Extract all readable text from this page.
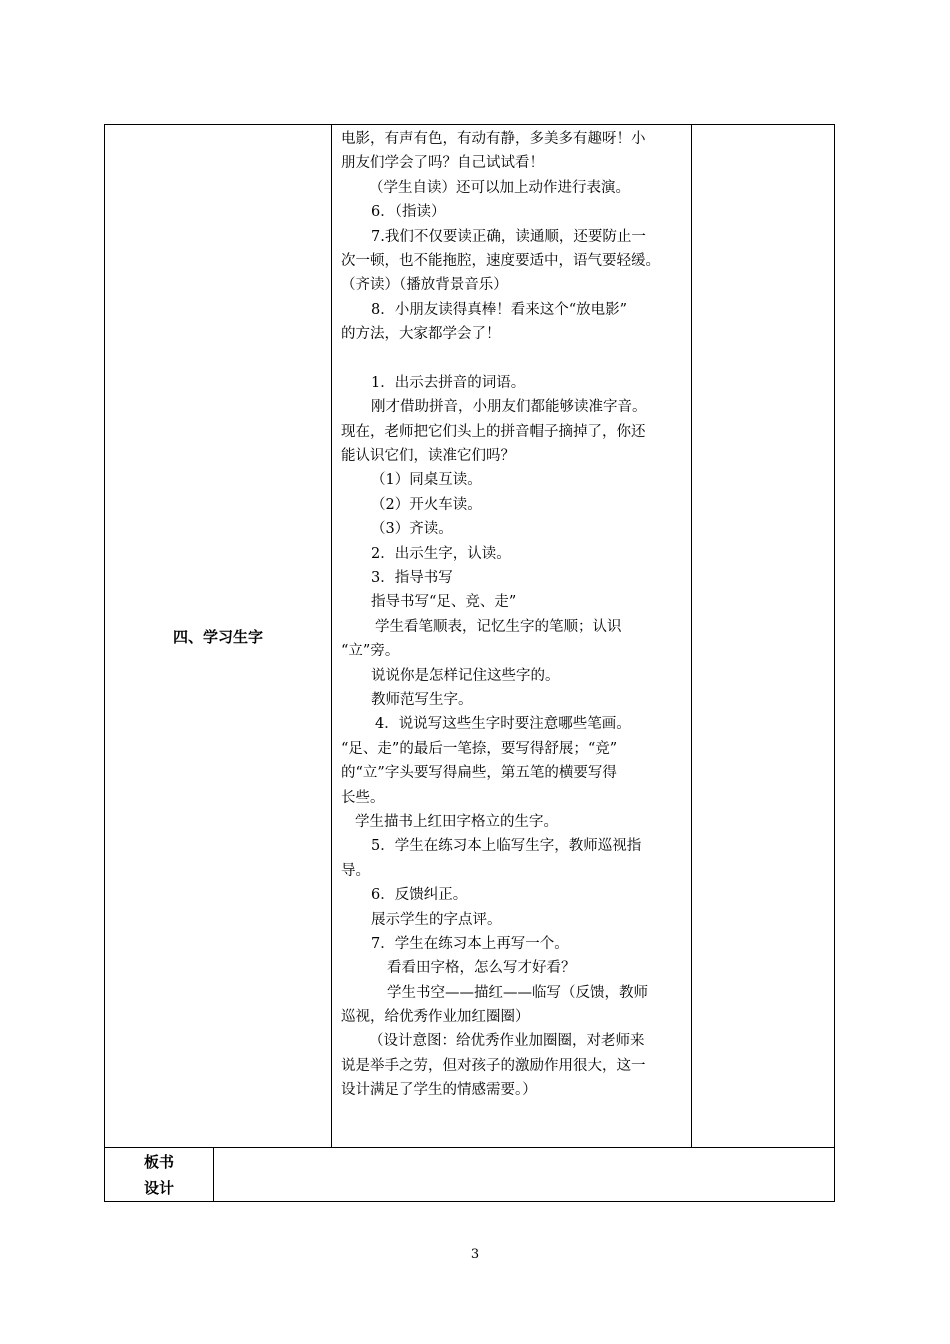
四、学习生字	
电影，有声有色，有动有静，多美多有趣呀！小
朋友们学会了吗？自己试试看！
（学生自读）还可以加上动作进行表演。
6．（指读）
7.我们不仅要读正确，读通顺，还要防止一
次一顿，也不能拖腔，速度要适中，语气要轻缓。
（齐读）（播放背景音乐）
8．小朋友读得真棒！看来这个“放电影”
的方法，大家都学会了！
1．出示去拼音的词语。
刚才借助拼音，小朋友们都能够读准字音。
现在，老师把它们头上的拼音帽子摘掉了，你还
能认识它们，读准它们吗？
（1）同桌互读。
（2）开火车读。
（3）齐读。
2．出示生字，认读。
3．指导书写
指导书写“足、竞、走”
学生看笔顺表，记忆生字的笔顺；认识
“立”旁。
说说你是怎样记住这些字的。
教师范写生字。
4．说说写这些生字时要注意哪些笔画。
“足、走”的最后一笔捺，要写得舒展；“竞”
的“立”字头要写得扁些，第五笔的横要写得
长些。
学生描书上红田字格立的生字。
5．学生在练习本上临写生字，教师巡视指
导。
6．反馈纠正。
展示学生的字点评。
7．学生在练习本上再写一个。
看看田字格，怎么写才好看？
学生书空——描红——临写（反馈，教师
巡视，给优秀作业加红圈圈）
（设计意图：给优秀作业加圈圈，对老师来
说是举手之劳，但对孩子的激励作用很大，这一
设计满足了学生的情感需要。）

板书
设计

3
